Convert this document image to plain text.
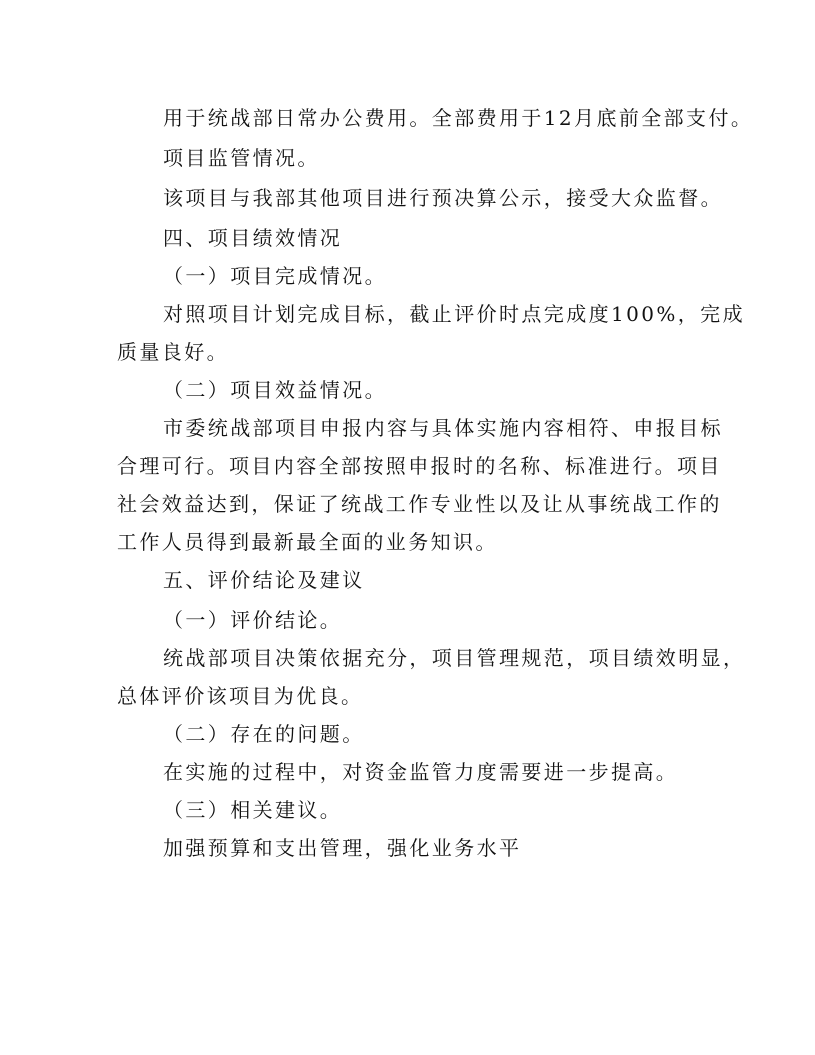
用于统战部日常办公费用。全部费用于12月底前全部支付。
项目监管情况。
该项目与我部其他项目进行预决算公示，接受大众监督。
四、项目绩效情况
（一）项目完成情况。
对照项目计划完成目标，截止评价时点完成度100%，完成
质量良好。
（二）项目效益情况。
市委统战部项目申报内容与具体实施内容相符、申报目标
合理可行。项目内容全部按照申报时的名称、标准进行。项目
社会效益达到，保证了统战工作专业性以及让从事统战工作的
工作人员得到最新最全面的业务知识。
五、评价结论及建议
（一）评价结论。
统战部项目决策依据充分，项目管理规范，项目绩效明显，
总体评价该项目为优良。
（二）存在的问题。
在实施的过程中，对资金监管力度需要进一步提高。
（三）相关建议。
加强预算和支出管理，强化业务水平
